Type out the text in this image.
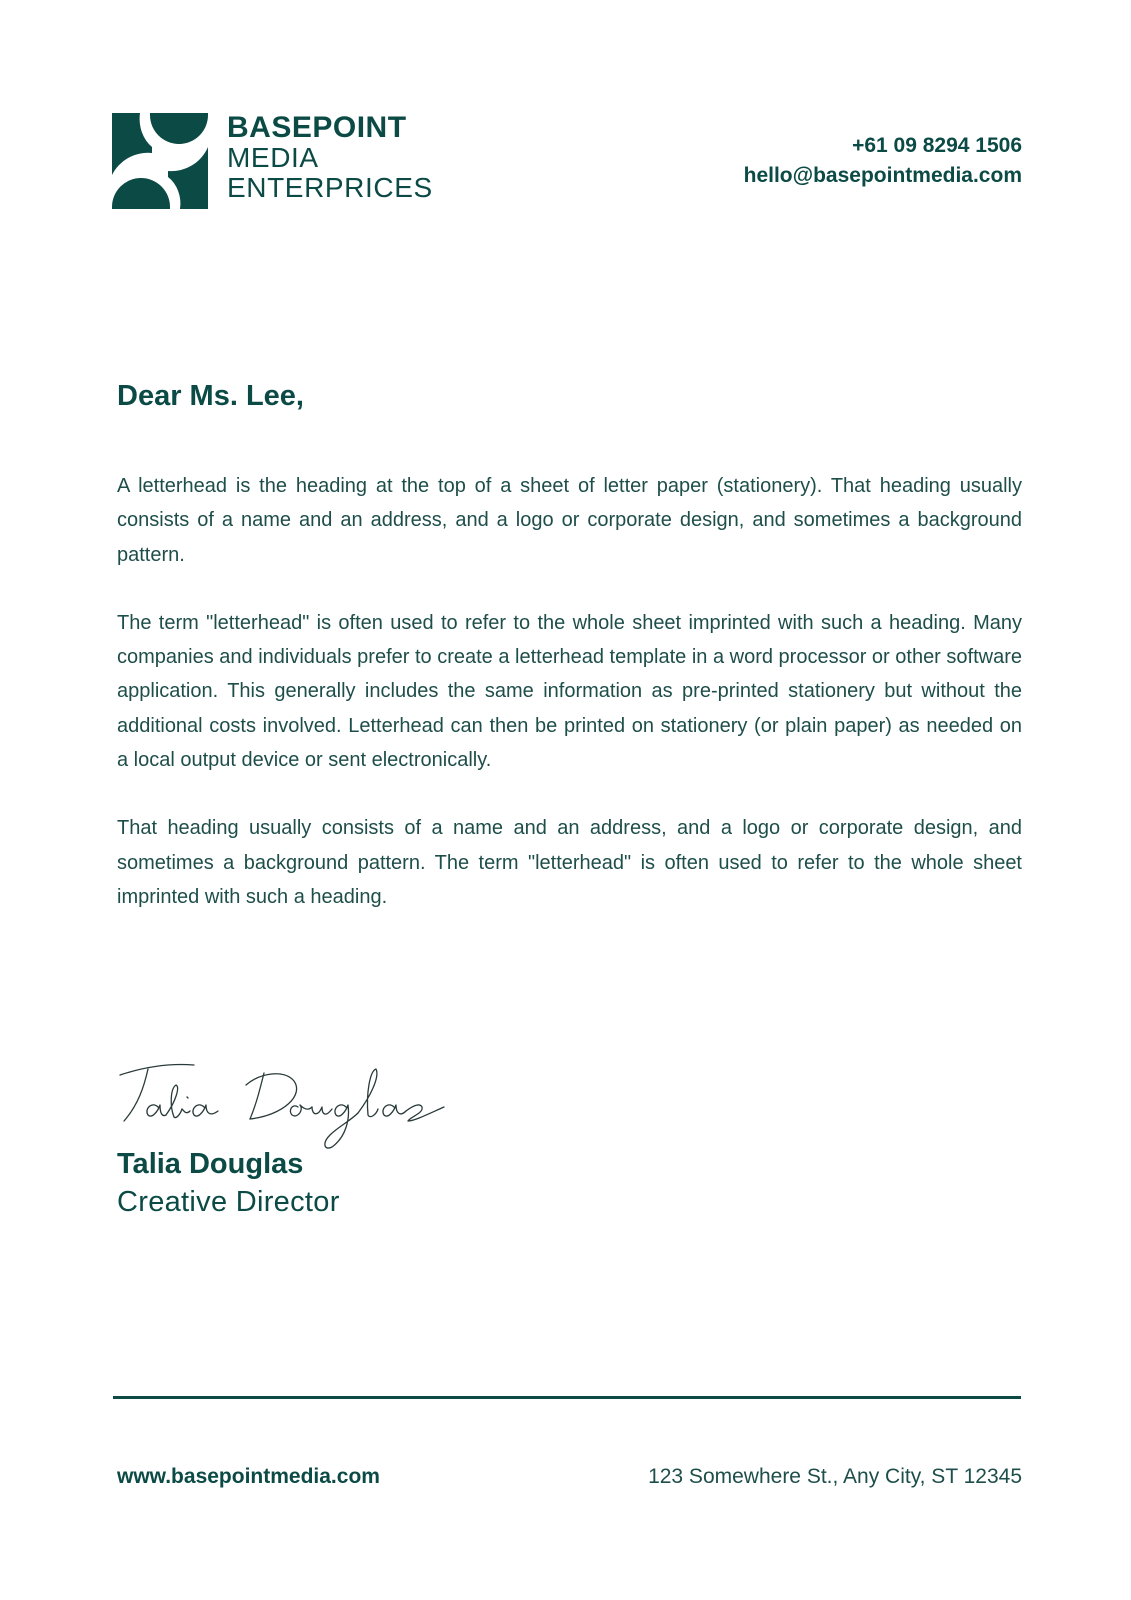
BASEPOINT
MEDIA
ENTERPRICES
+61 09 8294 1506
hello@basepointmedia.com
Dear Ms. Lee,

A letterhead is the heading at the top of a sheet of letter paper (stationery). That heading usually consists of a name and an address, and a logo or corporate design, and sometimes a background pattern.

The term "letterhead" is often used to refer to the whole sheet imprinted with such a heading. Many companies and individuals prefer to create a letterhead template in a word processor or other software application. This generally includes the same information as pre-printed stationery but without the additional costs involved. Letterhead can then be printed on stationery (or plain paper) as needed on a local output device or sent electronically.

That heading usually consists of a name and an address, and a logo or corporate design, and sometimes a background pattern. The term "letterhead" is often used to refer to the whole sheet imprinted with such a heading.

Talia Douglas
Creative Director
www.basepointmedia.com	123 Somewhere St., Any City, ST 12345
